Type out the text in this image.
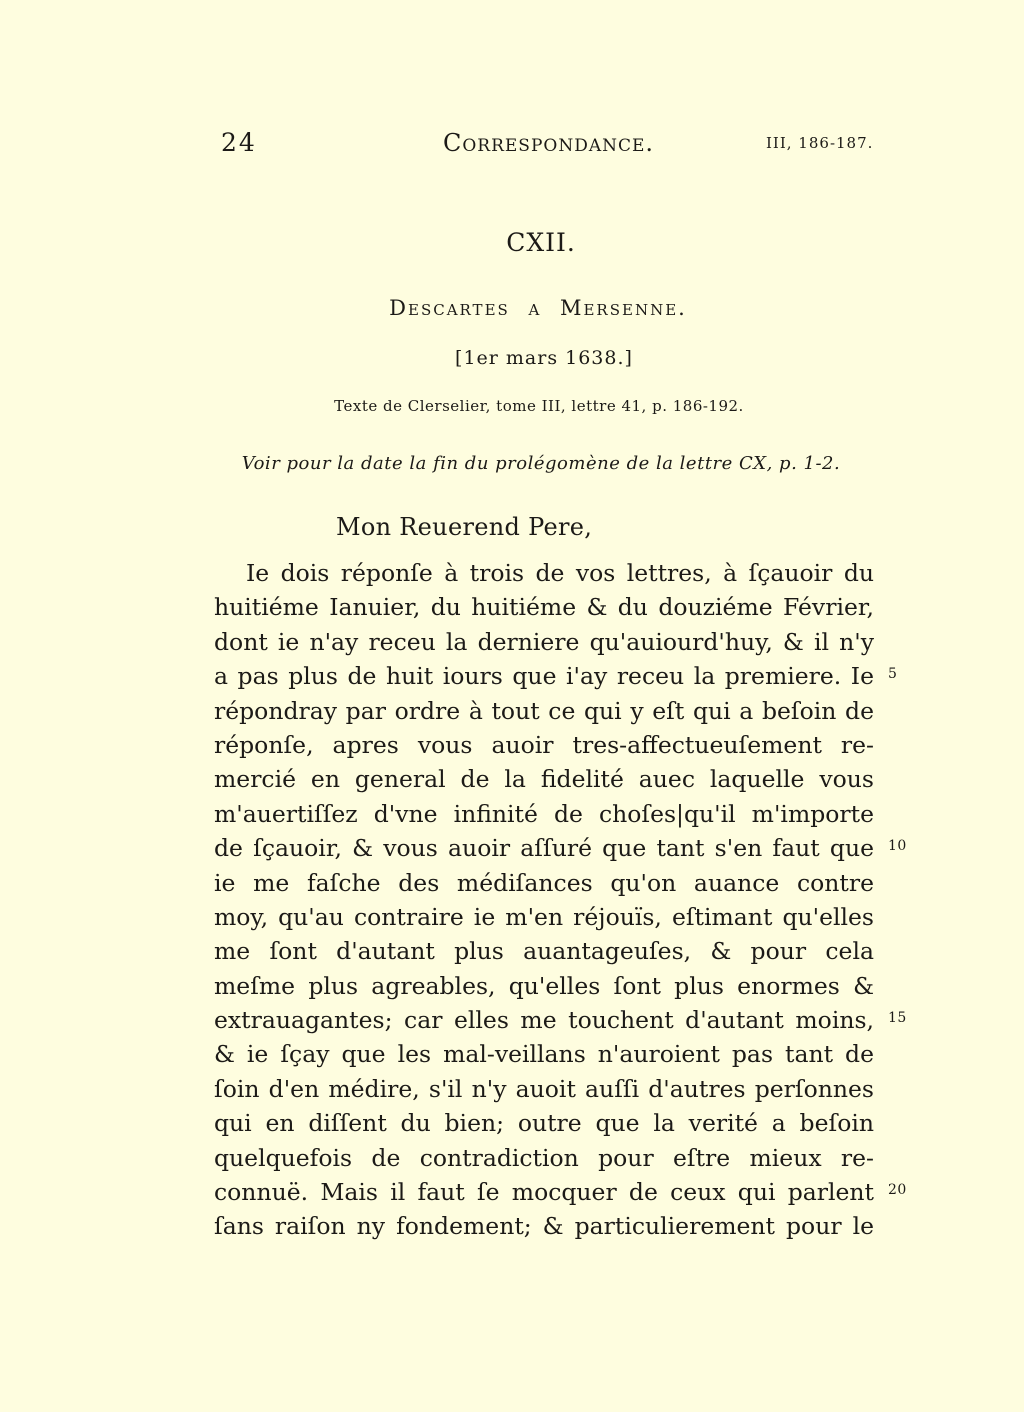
24	Correspondance.	III, 186-187.
CXII.
Descartes a Mersenne.
[1er mars 1638.]
Texte de Clerselier, tome III, lettre 41, p. 186-192.
Voir pour la date la fin du prolégomène de la lettre CX, p. 1-2.
Mon Reuerend Pere,
Ie dois réponſe à trois de vos lettres, à ſçauoir du
huitiéme Ianuier, du huitiéme & du douziéme Février,
dont ie n'ay receu la derniere qu'auiourd'huy, & il n'y
a pas plus de huit iours que i'ay receu la premiere. Ie
répondray par ordre à tout ce qui y eſt qui a beſoin de
réponſe, apres vous auoir tres-affectueuſement re-
mercié en general de la fidelité auec laquelle vous
m'auertiſſez d'vne infinité de choſes|qu'il m'importe
de ſçauoir, & vous auoir aſſuré que tant s'en faut que
ie me faſche des médiſances qu'on auance contre
moy, qu'au contraire ie m'en réjouïs, eſtimant qu'elles
me ſont d'autant plus auantageuſes, & pour cela
meſme plus agreables, qu'elles ſont plus enormes &
extrauagantes; car elles me touchent d'autant moins,
& ie ſçay que les mal-veillans n'auroient pas tant de
ſoin d'en médire, s'il n'y auoit auſſi d'autres perſonnes
qui en diſſent du bien; outre que la verité a beſoin
quelquefois de contradiction pour eſtre mieux re-
connuë. Mais il faut ſe mocquer de ceux qui parlent
ſans raiſon ny fondement; & particulierement pour le
5
10
15
20
